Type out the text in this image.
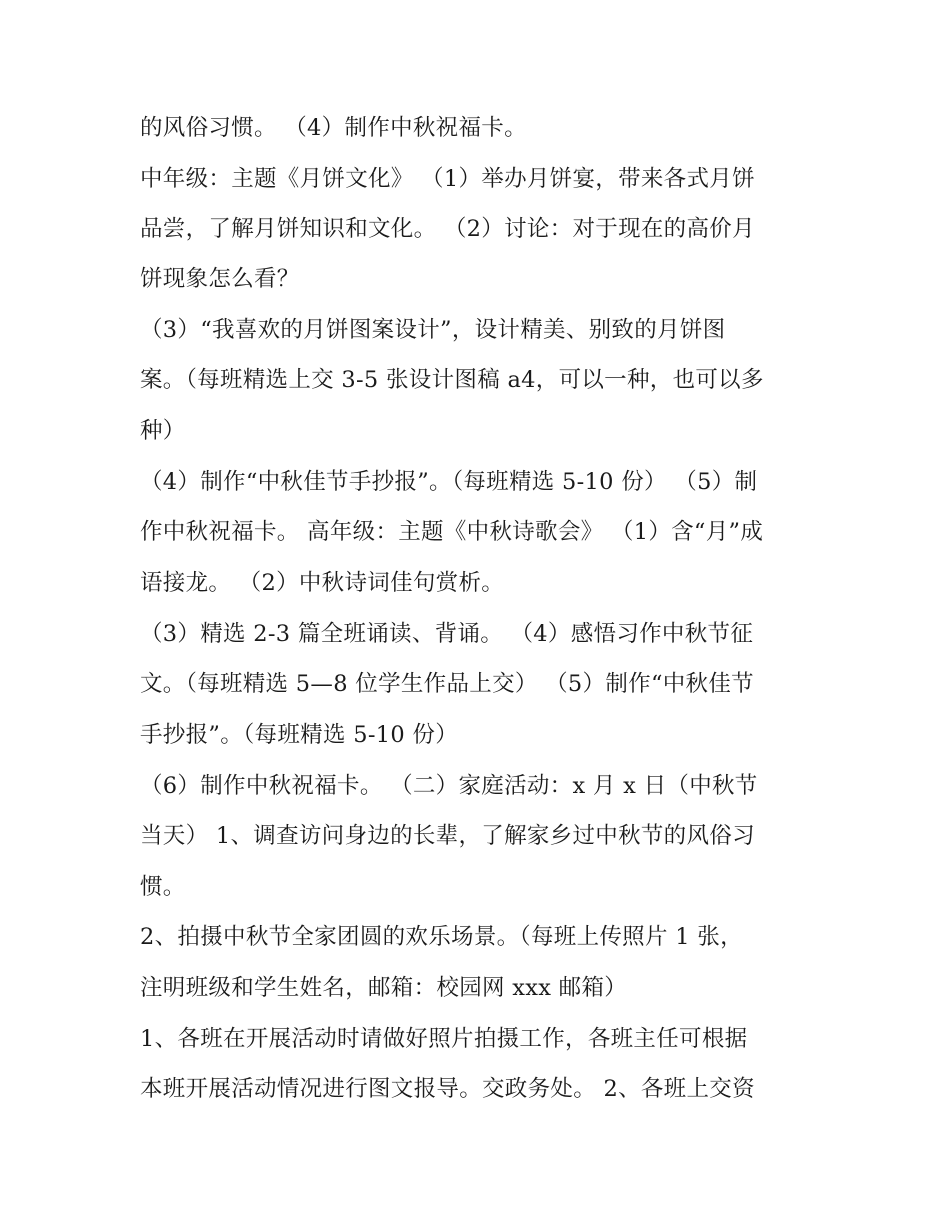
的风俗习惯。 （4）制作中秋祝福卡。
中年级：主题《月饼文化》 （1）举办月饼宴，带来各式月饼
品尝，了解月饼知识和文化。 （2）讨论：对于现在的高价月
饼现象怎么看？
（3）“我喜欢的月饼图案设计”，设计精美、别致的月饼图
案。（每班精选上交 3-5 张设计图稿 a4，可以一种，也可以多
种）
（4）制作“中秋佳节手抄报”。（每班精选 5-10 份） （5）制
作中秋祝福卡。 高年级：主题《中秋诗歌会》 （1）含“月”成
语接龙。 （2）中秋诗词佳句赏析。
（3）精选 2-3 篇全班诵读、背诵。 （4）感悟习作中秋节征
文。（每班精选 5—8 位学生作品上交） （5）制作“中秋佳节
手抄报”。（每班精选 5-10 份）
（6）制作中秋祝福卡。 （二）家庭活动：x 月 x 日（中秋节
当天） 1、调查访问身边的长辈，了解家乡过中秋节的风俗习
惯。
2、拍摄中秋节全家团圆的欢乐场景。（每班上传照片 1 张，
注明班级和学生姓名，邮箱：校园网 xxx 邮箱）
1、各班在开展活动时请做好照片拍摄工作，各班主任可根据
本班开展活动情况进行图文报导。交政务处。 2、各班上交资
